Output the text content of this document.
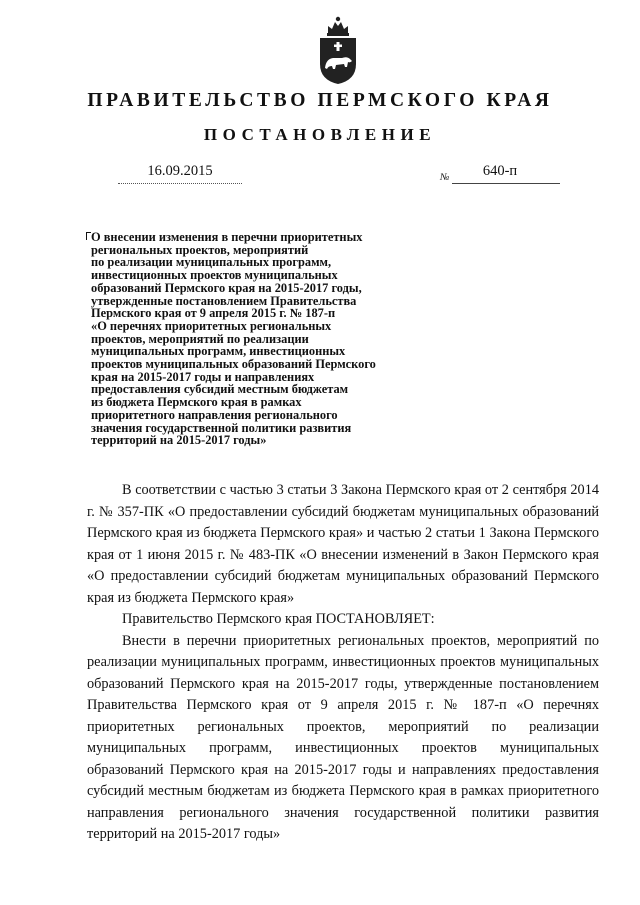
ПРАВИТЕЛЬСТВО ПЕРМСКОГО КРАЯ
ПОСТАНОВЛЕНИЕ
16.09.2015	№	640-п
О внесении изменения в перечни приоритетных
региональных проектов, мероприятий
по реализации муниципальных программ,
инвестиционных проектов муниципальных
образований Пермского края на 2015-2017 годы,
утвержденные постановлением Правительства
Пермского края от 9 апреля 2015 г. № 187-п
«О перечнях приоритетных региональных
проектов, мероприятий по реализации
муниципальных программ, инвестиционных
проектов муниципальных образований Пермского
края на 2015-2017 годы и направлениях
предоставления субсидий местным бюджетам
из бюджета Пермского края в рамках
приоритетного направления регионального
значения государственной политики развития
территорий на 2015-2017 годы»

В соответствии с частью 3 статьи 3 Закона Пермского края от 2 сентября 2014 г. № 357-ПК «О предоставлении субсидий бюджетам муниципальных образований Пермского края из бюджета Пермского края» и частью 2 статьи 1 Закона Пермского края от 1 июня 2015 г. № 483-ПК «О внесении изменений в Закон Пермского края «О предоставлении субсидий бюджетам муниципальных образований Пермского края из бюджета Пермского края»

Правительство Пермского края ПОСТАНОВЛЯЕТ:

Внести в перечни приоритетных региональных проектов, мероприятий по реализации муниципальных программ, инвестиционных проектов муниципальных образований Пермского края на 2015-2017 годы, утвержденные постановлением Правительства Пермского края от 9 апреля 2015 г. № 187-п «О перечнях приоритетных региональных проектов, мероприятий по реализации муниципальных программ, инвестиционных проектов муниципальных образований Пермского края на 2015-2017 годы и направлениях предоставления субсидий местным бюджетам из бюджета Пермского края в рамках приоритетного направления регионального значения государственной политики развития территорий на 2015-2017 годы»
